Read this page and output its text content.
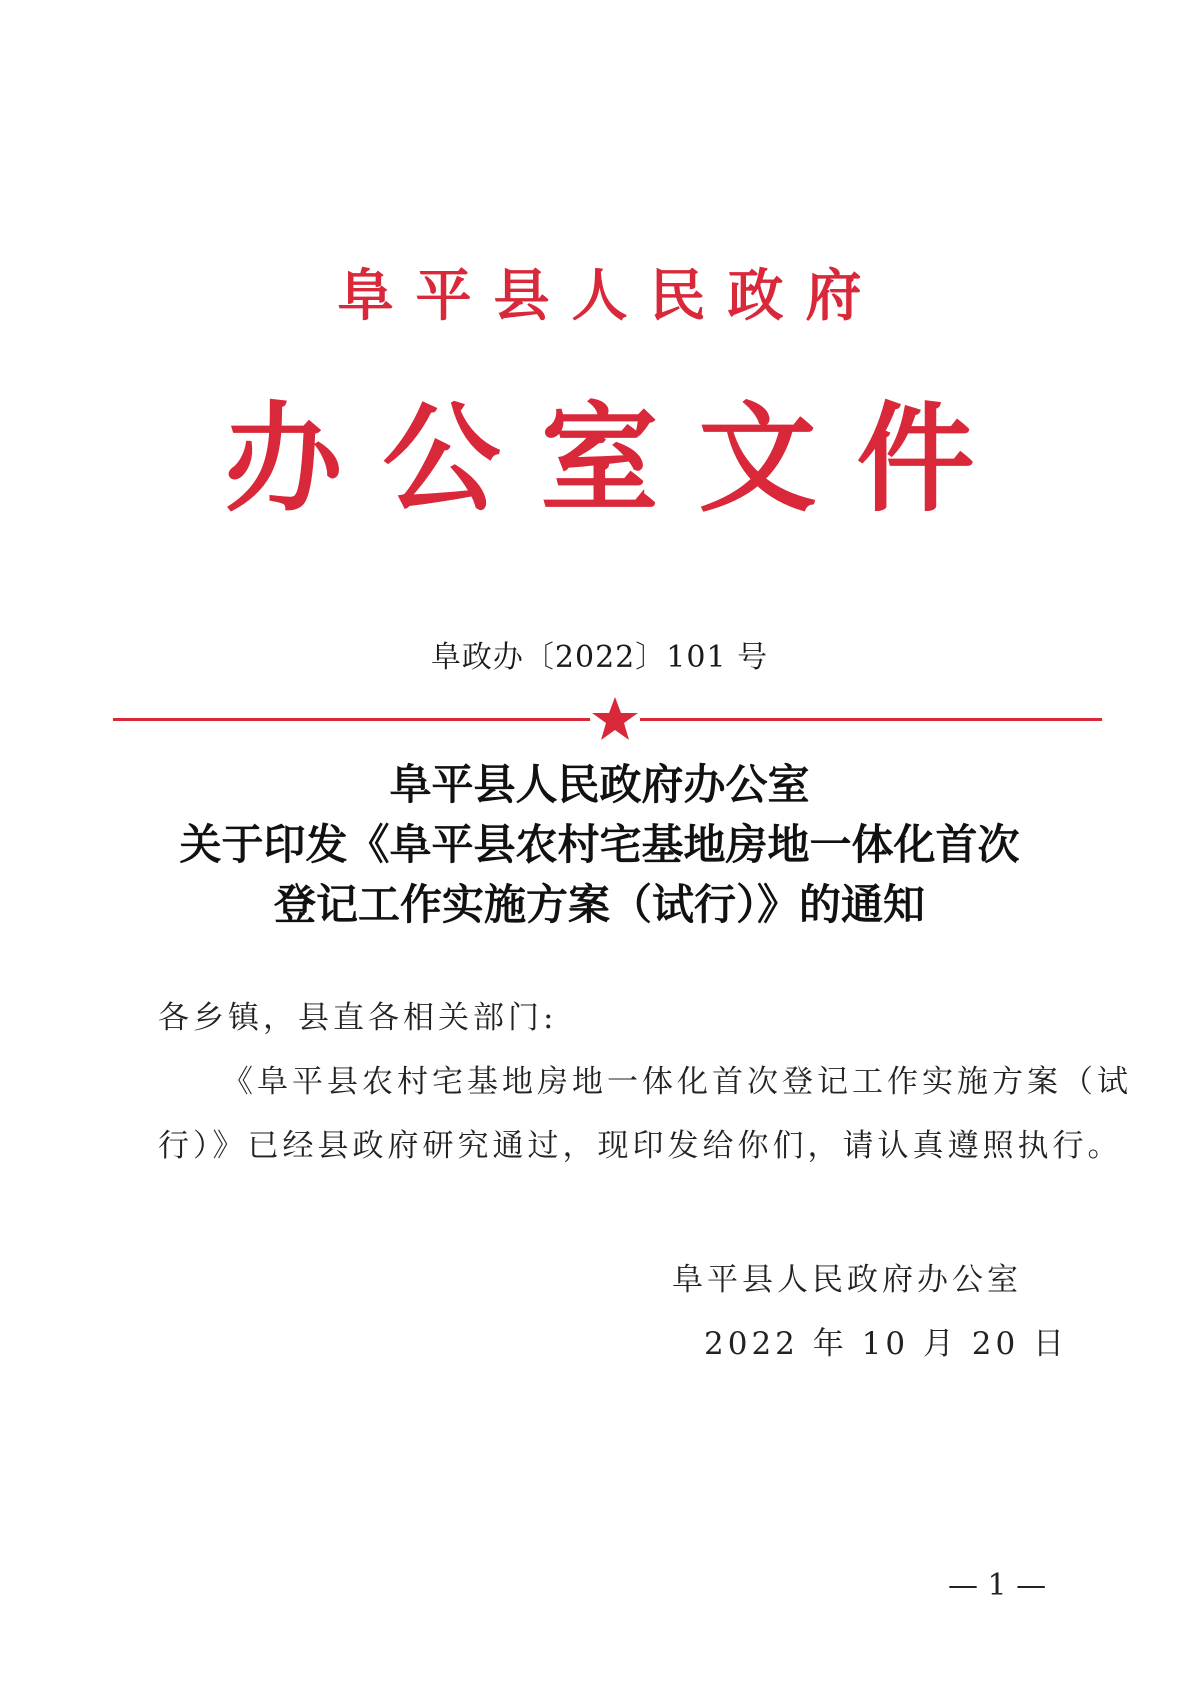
阜平县人民政府
办公室文件
阜政办〔2022〕101 号
阜平县人民政府办公室
关于印发《阜平县农村宅基地房地一体化首次
登记工作实施方案（试行）》的通知
各乡镇，县直各相关部门:
《阜平县农村宅基地房地一体化首次登记工作实施方案（试
行）》已经县政府研究通过，现印发给你们，请认真遵照执行。
阜平县人民政府办公室
2022 年 10 月 20 日
— 1 —
